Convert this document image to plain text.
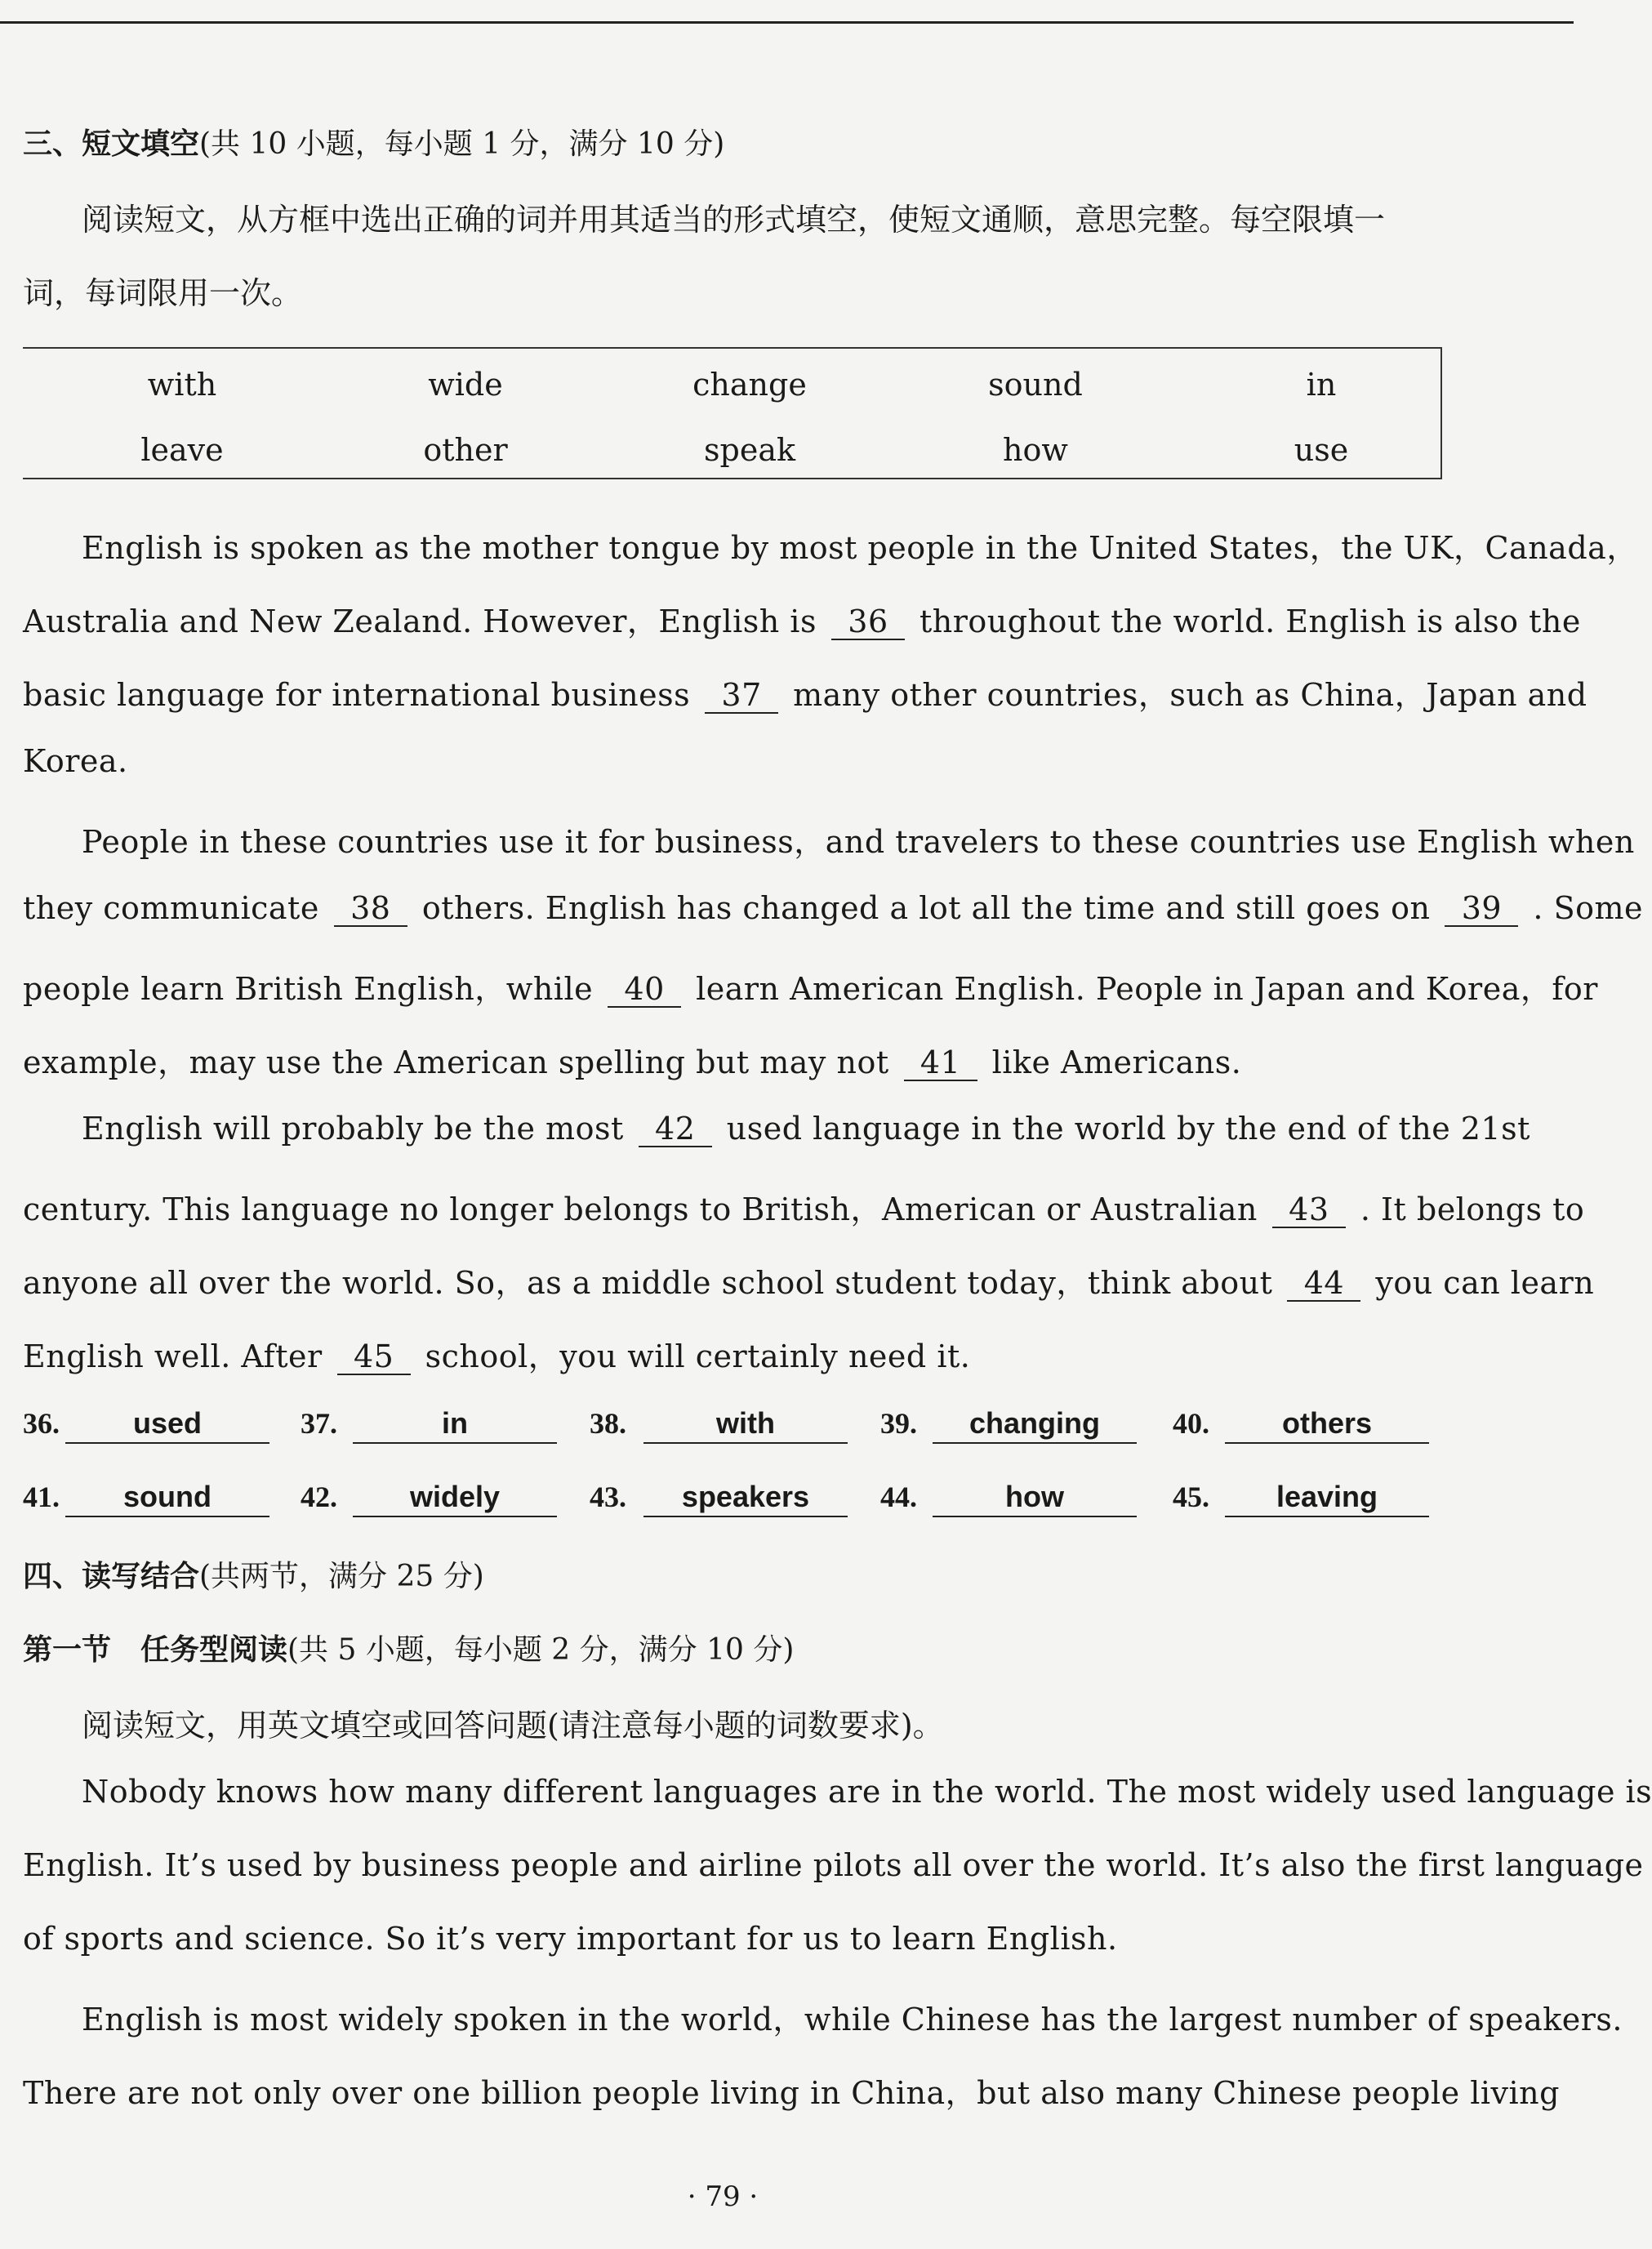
三、短文填空(共 10 小题，每小题 1 分，满分 10 分)
阅读短文，从方框中选出正确的词并用其适当的形式填空，使短文通顺，意思完整。每空限填一
词，每词限用一次。
with	wide	change	sound	in
leave	other	speak	how	use
English is spoken as the mother tongue by most people in the United States，the UK，Canada，
Australia and New Zealand. However，English is 36 throughout the world. English is also the
basic language for international business 37 many other countries，such as China，Japan and
Korea.
People in these countries use it for business，and travelers to these countries use English when
they communicate 38 others. English has changed a lot all the time and still goes on 39 . Some
people learn British English，while 40 learn American English. People in Japan and Korea，for
example，may use the American spelling but may not 41 like Americans.
English will probably be the most 42 used language in the world by the end of the 21st
century. This language no longer belongs to British，American or Australian 43 . It belongs to
anyone all over the world. So，as a middle school student today，think about 44 you can learn
English well. After 45 school，you will certainly need it.
36.	used	37.	in	38.	with	39.	changing	40.	others
41.	sound	42.	widely	43.	speakers	44.	how	45.	leaving
四、读写结合(共两节，满分 25 分)
第一节　任务型阅读(共 5 小题，每小题 2 分，满分 10 分)
阅读短文，用英文填空或回答问题(请注意每小题的词数要求)。
Nobody knows how many different languages are in the world. The most widely used language is
English. It’s used by business people and airline pilots all over the world. It’s also the first language
of sports and science. So it’s very important for us to learn English.
English is most widely spoken in the world，while Chinese has the largest number of speakers.
There are not only over one billion people living in China，but also many Chinese people living
· 79 ·
